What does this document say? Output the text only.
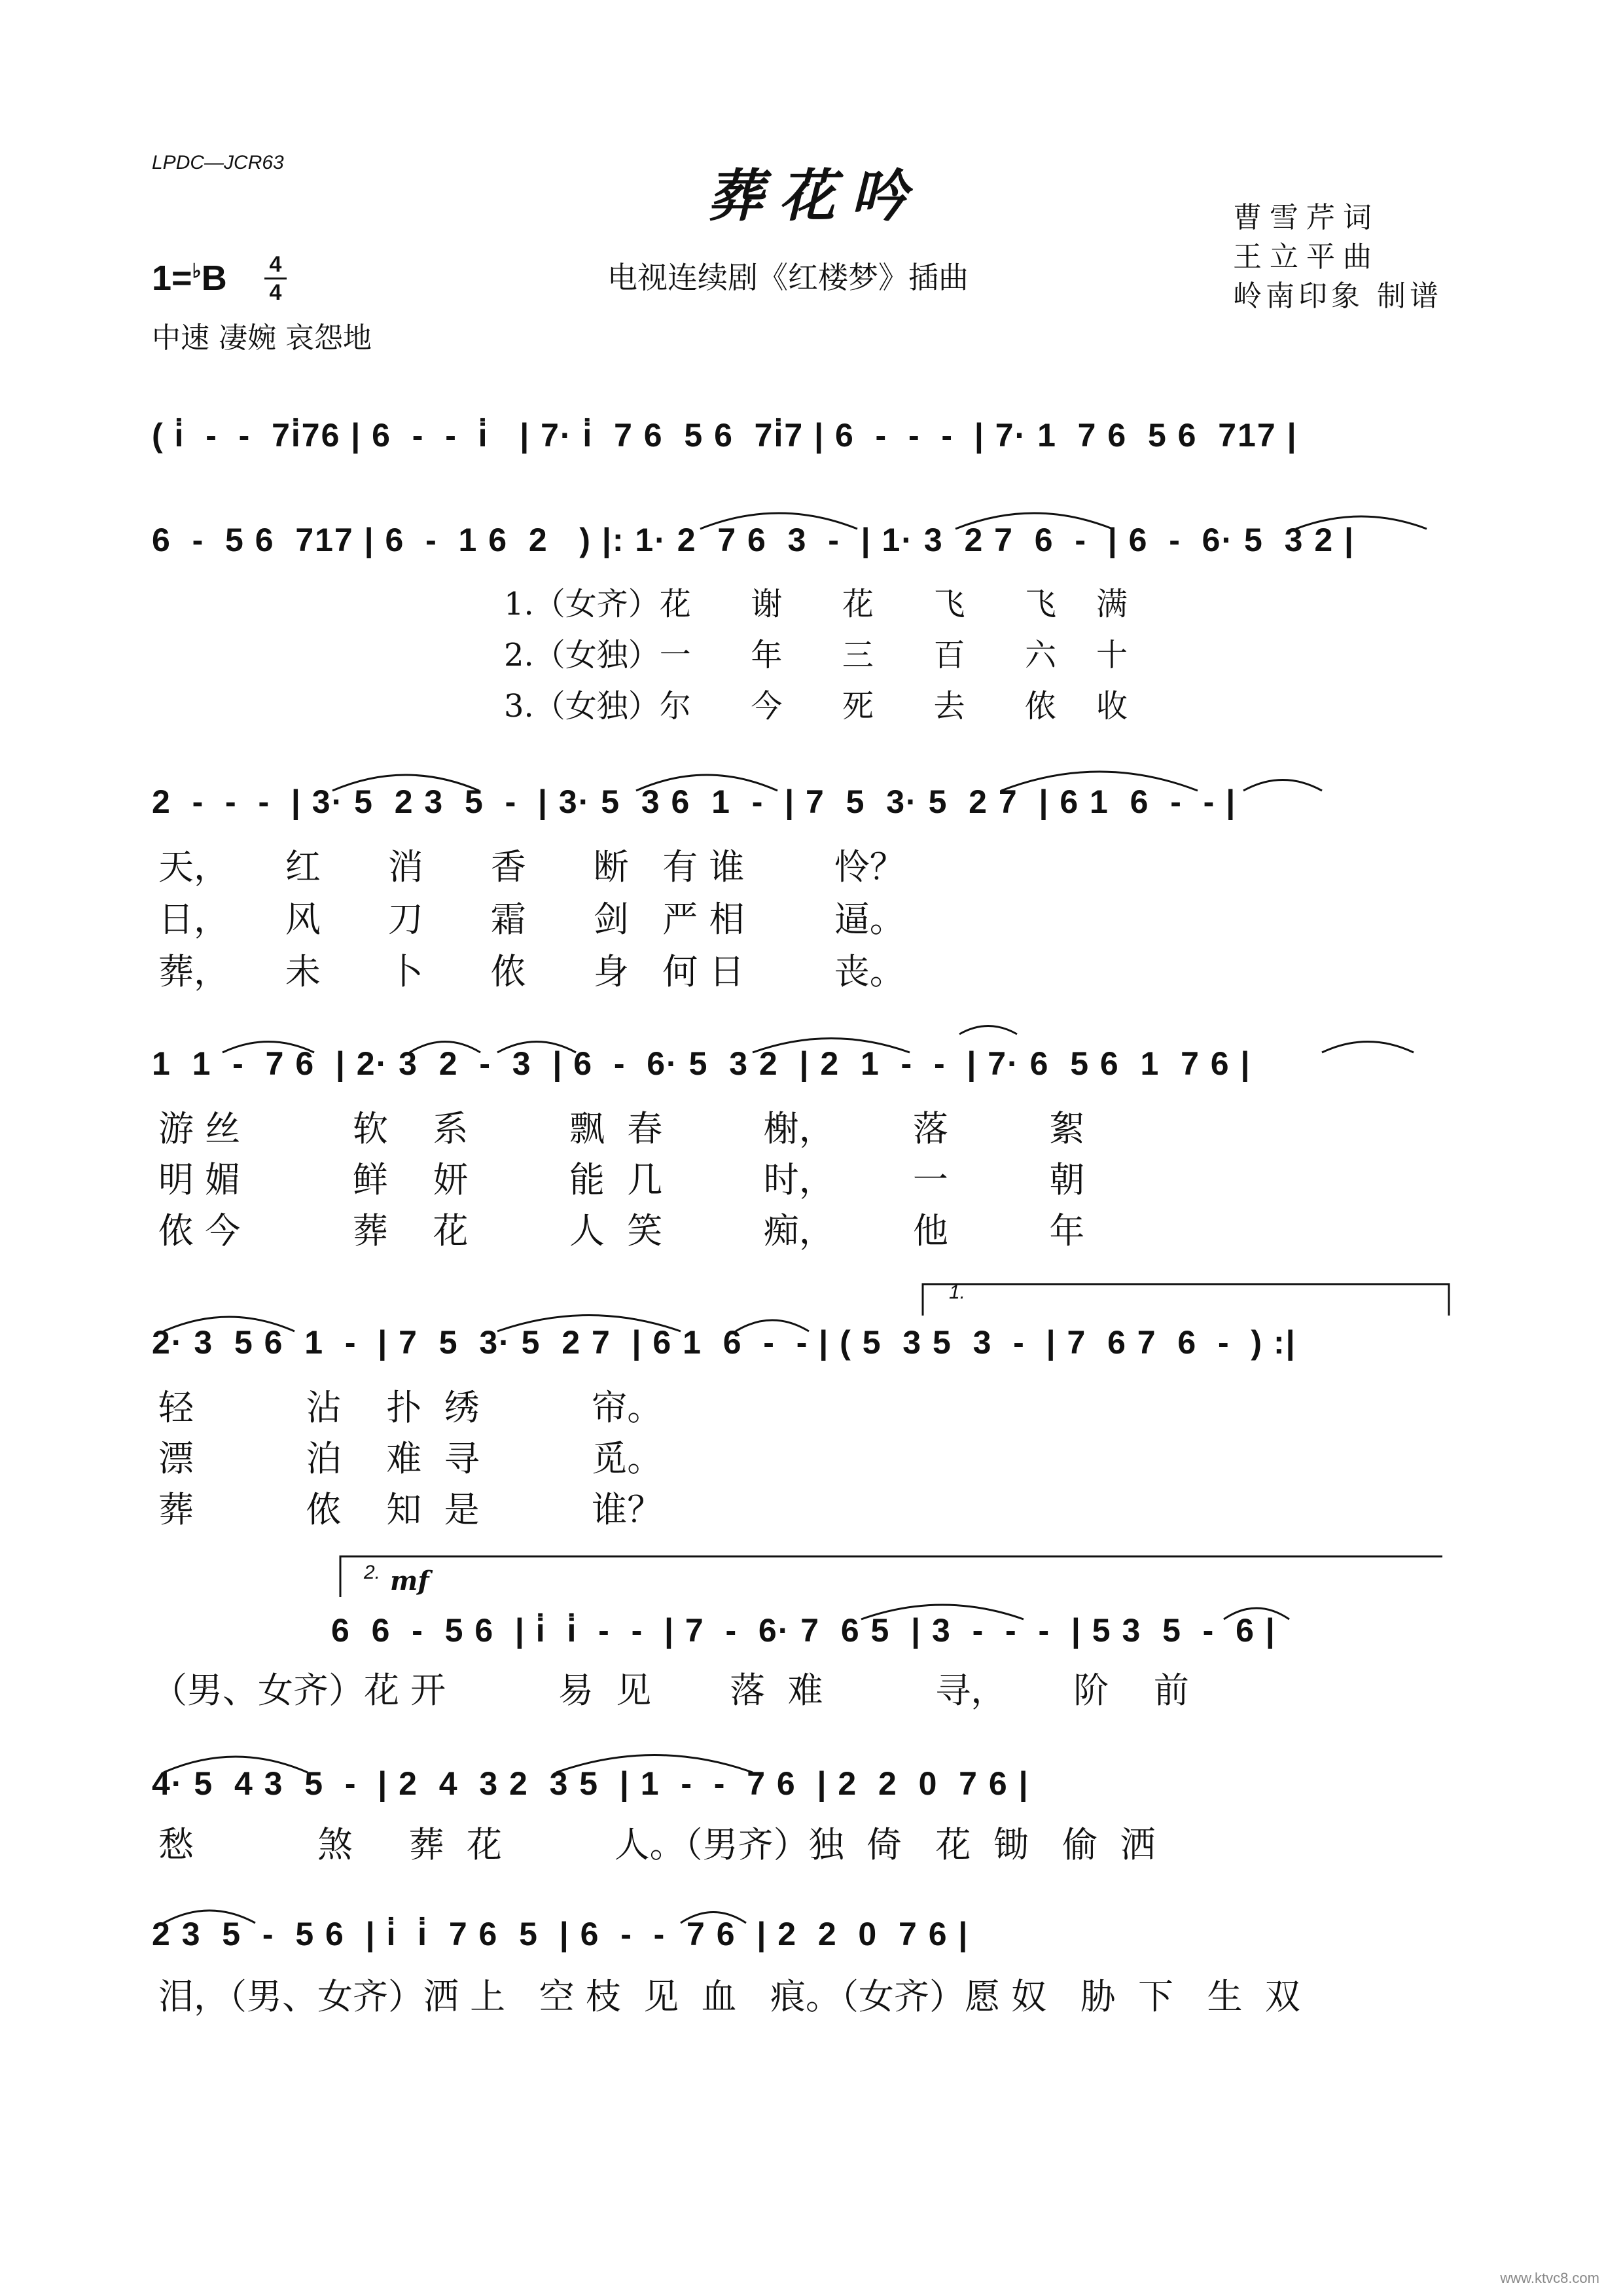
LPDC—JCR63
葬花吟
电视连续剧《红楼梦》插曲
曹雪芹词
王立平曲
岭南印象 制谱
1=♭B 4
4
中速 凄婉 哀怨地
( i̇  -  -  7i̇76 | 6  -  -  i̇   | 7· i̇  7 6  5 6  7i̇7 | 6  -  -  -  | 7· 1  7 6  5 6  717 |
6  -  5 6  717 | 6  -  1 6  2   ) |: 1· 2  7 6  3  -  | 1· 3  2 7  6  -  | 6  -  6· 5  3 2 |
1.（女齐）花      谢      花      飞      飞    满
2.（女独）一      年      三      百      六    十
3.（女独）尔      今      死      去      侬    收
2  -  -  -  | 3· 5  2 3  5  -  | 3· 5  3 6  1  -  | 7  5  3· 5  2 7  | 6 1  6  -  - |
天，     红      消      香      断   有 谁        怜？
日，     风      刀      霜      剑   严 相        逼。
葬，     未      卜      侬      身   何 日        丧。
1  1  -  7 6  | 2· 3  2  -  3  | 6  -  6· 5  3 2  | 2  1  -  -  | 7· 6  5 6  1  7 6 |
游 丝          软    系         飘  春         榭，       落         絮
明 媚          鲜    妍         能  几         时，       一         朝
侬 今          葬    花         人  笑         痴，       他         年
1.
2· 3  5 6  1  -  | 7  5  3· 5  2 7  | 6 1  6  -  - | ( 5  3 5  3  -  | 7  6 7  6  -  ) :|
轻          沾    扑  绣          帘。
漂          泊    难  寻          觅。
葬          侬    知  是          谁？
2. mf
6  6  -  5 6  | i̇  i̇  -  -  | 7  -  6· 7  6 5  | 3  -  -  -  | 5 3  5  -  6 |
（男、女齐）花 开          易  见       落  难          寻，      阶    前
4· 5  4 3  5  -  | 2  4  3 2  3 5  | 1  -  -  7 6  | 2  2  0  7 6 |
愁           煞     葬  花          人。（男齐）独  倚   花  锄   偷  洒
2 3  5  -  5 6  | i̇  i̇  7 6  5  | 6  -  -  7 6  | 2  2  0  7 6 |
泪，（男、女齐）洒 上   空 枝  见  血   痕。（女齐）愿 奴   胁  下   生  双
www.ktvc8.com
